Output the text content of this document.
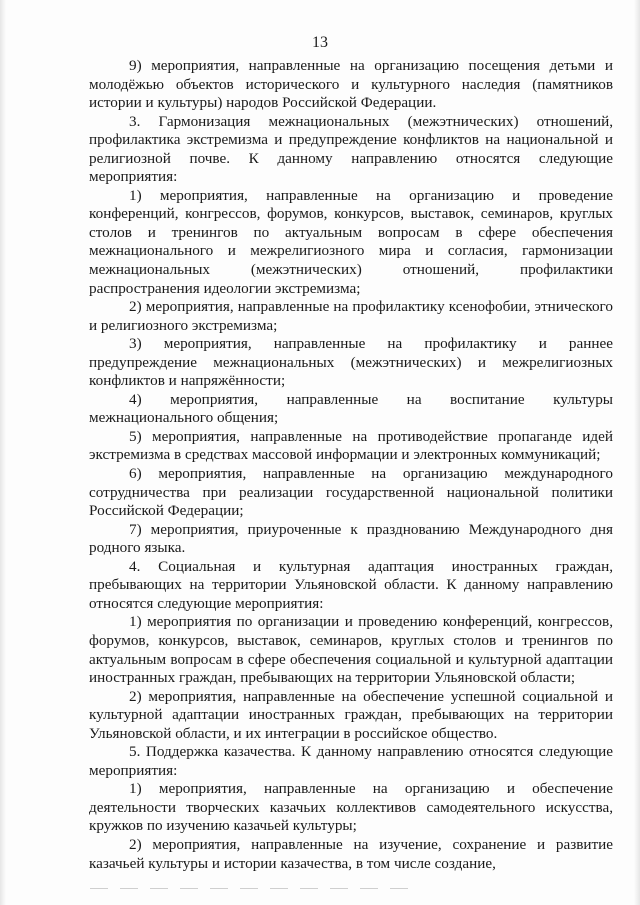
13

9) мероприятия, направленные на организацию посещения детьми и молодёжью объектов исторического и культурного наследия (памятников истории и культуры) народов Российской Федерации.

3. Гармонизация межнациональных (межэтнических) отношений, профилактика экстремизма и предупреждение конфликтов на национальной и религиозной почве. К данному направлению относятся следующие мероприятия:

1) мероприятия, направленные на организацию и проведение конференций, конгрессов, форумов, конкурсов, выставок, семинаров, круглых столов и тренингов по актуальным вопросам в сфере обеспечения межнационального и межрелигиозного мира и согласия, гармонизации межнациональных (межэтнических) отношений, профилактики распространения идеологии экстремизма;

2) мероприятия, направленные на профилактику ксенофобии, этнического и религиозного экстремизма;

3) мероприятия, направленные на профилактику и раннее предупреждение межнациональных (межэтнических) и межрелигиозных конфликтов и напряжённости;

4) мероприятия, направленные на воспитание культуры межнационального общения;

5) мероприятия, направленные на противодействие пропаганде идей экстремизма в средствах массовой информации и электронных коммуникаций;

6) мероприятия, направленные на организацию международного сотрудничества при реализации государственной национальной политики Российской Федерации;

7) мероприятия, приуроченные к празднованию Международного дня родного языка.

4. Социальная и культурная адаптация иностранных граждан, пребывающих на территории Ульяновской области. К данному направлению относятся следующие мероприятия:

1) мероприятия по организации и проведению конференций, конгрессов, форумов, конкурсов, выставок, семинаров, круглых столов и тренингов по актуальным вопросам в сфере обеспечения социальной и культурной адаптации иностранных граждан, пребывающих на территории Ульяновской области;

2) мероприятия, направленные на обеспечение успешной социальной и культурной адаптации иностранных граждан, пребывающих на территории Ульяновской области, и их интеграции в российское общество.

5. Поддержка казачества. К данному направлению относятся следующие мероприятия:

1) мероприятия, направленные на организацию и обеспечение деятельности творческих казачьих коллективов самодеятельного искусства, кружков по изучению казачьей культуры;

2) мероприятия, направленные на изучение, сохранение и развитие казачьей культуры и истории казачества, в том числе создание,
